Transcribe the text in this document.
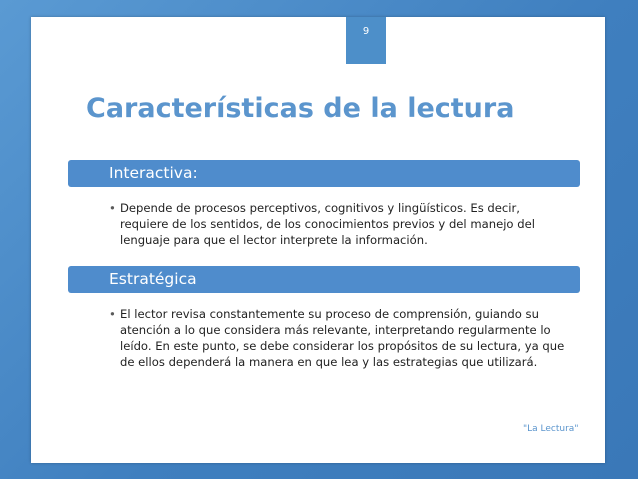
9
Características de la lectura
Interactiva:
• Depende de procesos perceptivos, cognitivos y lingüísticos. Es decir, requiere de los sentidos, de los conocimientos previos y del manejo del lenguaje para que el lector interprete la información.
Estratégica
• El lector revisa constantemente su proceso de comprensión, guiando su atención a lo que considera más relevante, interpretando regularmente lo leído. En este punto, se debe considerar los propósitos de su lectura, ya que de ellos dependerá la manera en que lea y las estrategias que utilizará.
"La Lectura"
